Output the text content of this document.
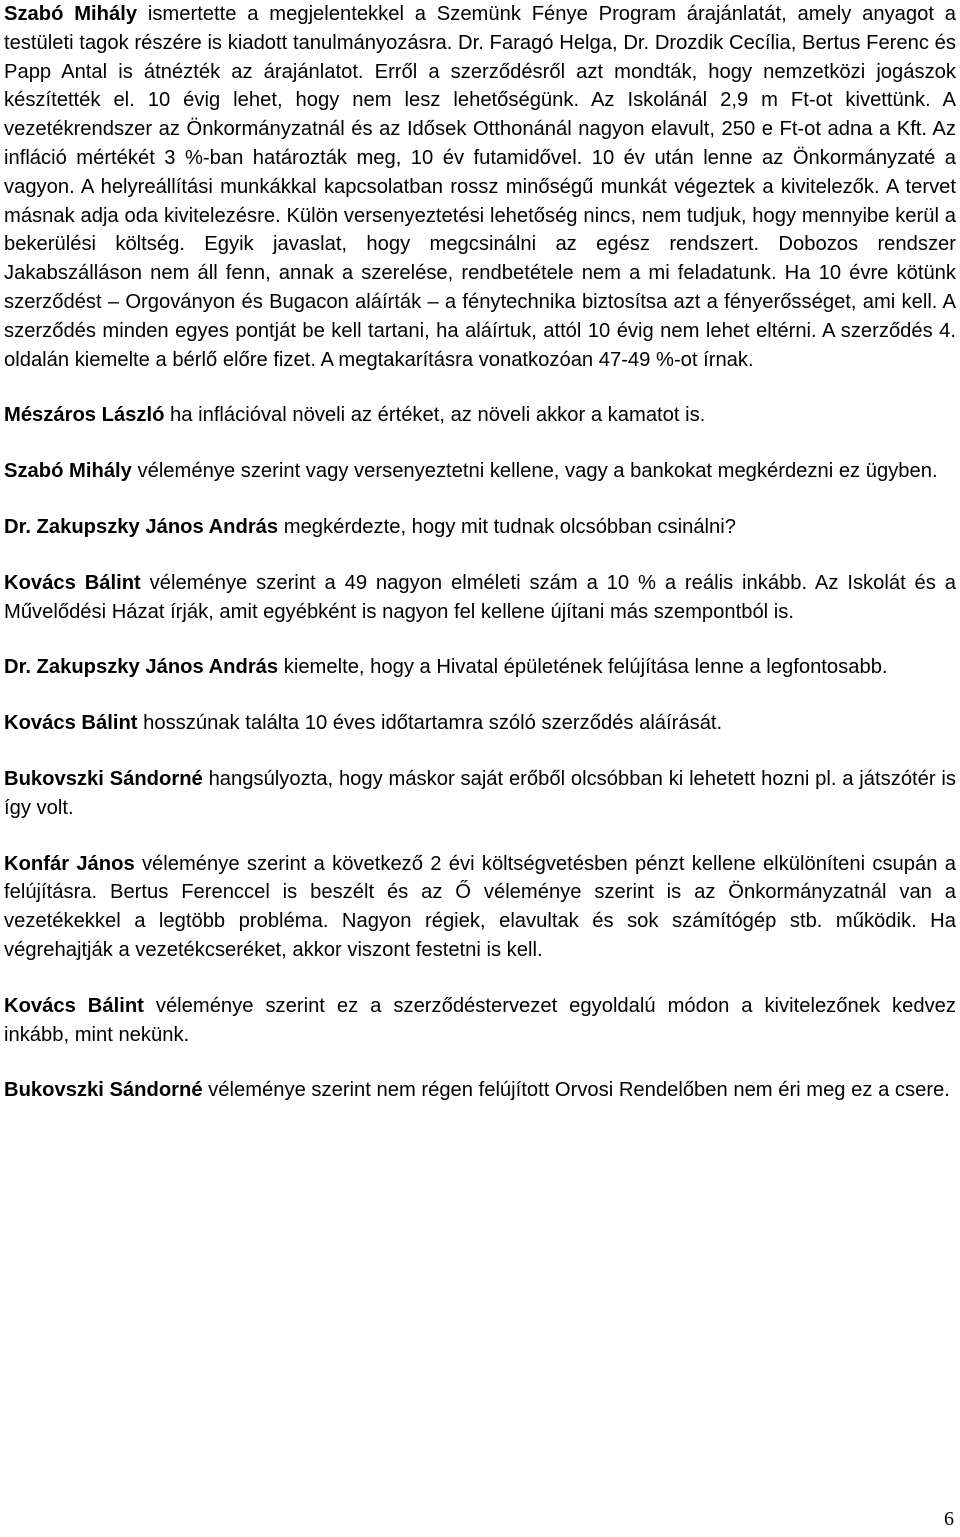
Szabó Mihály ismertette a megjelentekkel a Szemünk Fénye Program árajánlatát, amely anyagot a testületi tagok részére is kiadott tanulmányozásra. Dr. Faragó Helga, Dr. Drozdik Cecília, Bertus Ferenc és Papp Antal is átnézték az árajánlatot. Erről a szerződésről azt mondták, hogy nemzetközi jogászok készítették el. 10 évig lehet, hogy nem lesz lehetőségünk. Az Iskolánál 2,9 m Ft-ot kivettünk. A vezetékrendszer az Önkormányzatnál és az Idősek Otthonánál nagyon elavult, 250 e Ft-ot adna a Kft. Az infláció mértékét 3 %-ban határozták meg, 10 év futamidővel. 10 év után lenne az Önkormányzaté a vagyon. A helyreállítási munkákkal kapcsolatban rossz minőségű munkát végeztek a kivitelezők. A tervet másnak adja oda kivitelezésre. Külön versenyeztetési lehetőség nincs, nem tudjuk, hogy mennyibe kerül a bekerülési költség. Egyik javaslat, hogy megcsinálni az egész rendszert. Dobozos rendszer Jakabszálláson nem áll fenn, annak a szerelése, rendbetétele nem a mi feladatunk. Ha 10 évre kötünk szerződést – Orgoványon és Bugacon aláírták – a fénytechnika biztosítsa azt a fényerősséget, ami kell. A szerződés minden egyes pontját be kell tartani, ha aláírtuk, attól 10 évig nem lehet eltérni. A szerződés 4. oldalán kiemelte a bérlő előre fizet. A megtakarításra vonatkozóan 47-49 %-ot írnak.

Mészáros László ha inflációval növeli az értéket, az növeli akkor a kamatot is.

Szabó Mihály véleménye szerint vagy versenyeztetni kellene, vagy a bankokat megkérdezni ez ügyben.

Dr. Zakupszky János András megkérdezte, hogy mit tudnak olcsóbban csinálni?

Kovács Bálint véleménye szerint a 49 nagyon elméleti szám a 10 % a reális inkább. Az Iskolát és a Művelődési Házat írják, amit egyébként is nagyon fel kellene újítani más szempontból is.

Dr. Zakupszky János András kiemelte, hogy a Hivatal épületének felújítása lenne a legfontosabb.

Kovács Bálint hosszúnak találta 10 éves időtartamra szóló szerződés aláírását.

Bukovszki Sándorné hangsúlyozta, hogy máskor saját erőből olcsóbban ki lehetett hozni pl. a játszótér is így volt.

Konfár János véleménye szerint a következő 2 évi költségvetésben pénzt kellene elkülöníteni csupán a felújításra. Bertus Ferenccel is beszélt és az Ő véleménye szerint is az Önkormányzatnál van a vezetékekkel a legtöbb probléma. Nagyon régiek, elavultak és sok számítógép stb. működik. Ha végrehajtják a vezetékcseréket, akkor viszont festetni is kell.

Kovács Bálint véleménye szerint ez a szerződéstervezet egyoldalú módon a kivitelezőnek kedvez inkább, mint nekünk.

Bukovszki Sándorné véleménye szerint nem régen felújított Orvosi Rendelőben nem éri meg ez a csere.

6
